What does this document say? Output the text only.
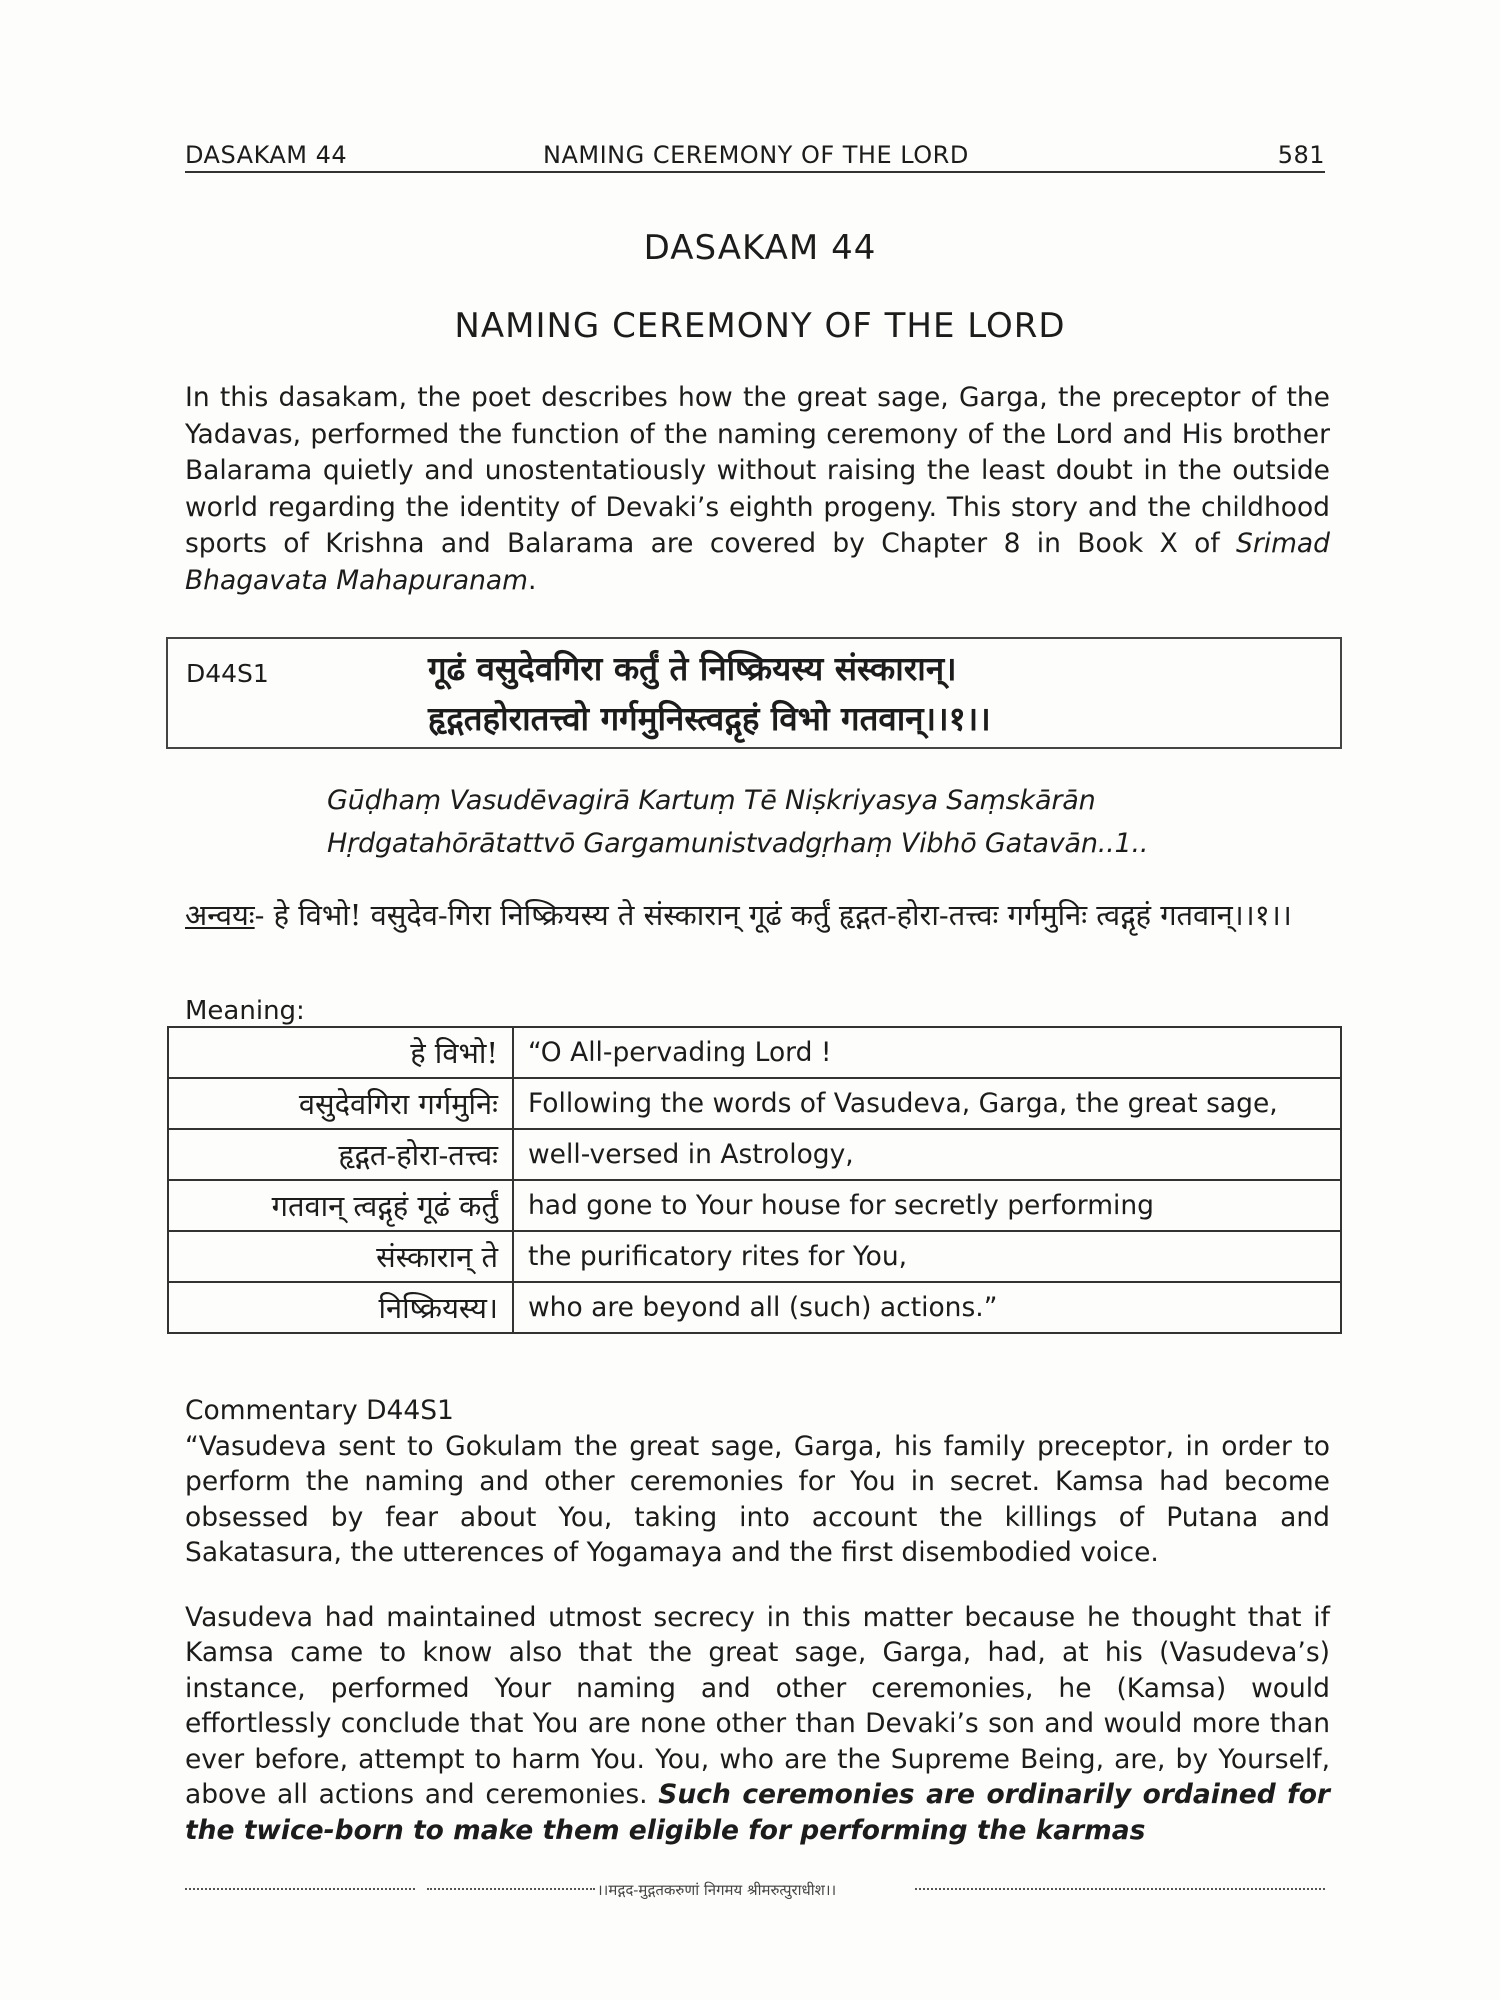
DASAKAM 44	NAMING CEREMONY OF THE LORD	581
DASAKAM 44
NAMING CEREMONY OF THE LORD

In this dasakam, the poet describes how the great sage, Garga, the preceptor of the Yadavas, performed the function of the naming ceremony of the Lord and His brother Balarama quietly and unostentatiously without raising the least doubt in the outside world regarding the identity of Devaki’s eighth progeny. This story and the childhood sports of Krishna and Balarama are covered by Chapter 8 in Book X of Srimad Bhagavata Mahapuranam.

D44S1	गूढं वसुदेवगिरा कर्तुं ते निष्क्रियस्य संस्कारान्।
हृद्गतहोरातत्त्वो गर्गमुनिस्त्वद्गृहं विभो गतवान्।।१।।
Gūḍhaṃ Vasudēvagirā Kartuṃ Tē Niṣkriyasya Saṃskārān
Hṛdgatahōrātattvō Gargamunistvadgṛhaṃ Vibhō Gatavān..1..

अन्वयः- हे विभो! वसुदेव-गिरा निष्क्रियस्य ते संस्कारान् गूढं कर्तुं हृद्गत-होरा-तत्त्वः गर्गमुनिः त्वद्गृहं गतवान्।।१।।

Meaning:
हे विभो!	“O All-pervading Lord !
वसुदेवगिरा गर्गमुनिः	Following the words of Vasudeva, Garga, the great sage,
हृद्गत-होरा-तत्त्वः	well-versed in Astrology,
गतवान् त्वद्गृहं गूढं कर्तुं	had gone to Your house for secretly performing
संस्कारान् ते	the purificatory rites for You,
निष्क्रियस्य।	who are beyond all (such) actions.”
Commentary D44S1

“Vasudeva sent to Gokulam the great sage, Garga, his family preceptor, in order to perform the naming and other ceremonies for You in secret. Kamsa had become obsessed by fear about You, taking into account the killings of Putana and Sakatasura, the utterences of Yogamaya and the first disembodied voice.

Vasudeva had maintained utmost secrecy in this matter because he thought that if Kamsa came to know also that the great sage, Garga, had, at his (Vasudeva’s) instance, performed Your naming and other ceremonies, he (Kamsa) would effortlessly conclude that You are none other than Devaki’s son and would more than ever before, attempt to harm You. You, who are the Supreme Being, are, by Yourself, above all actions and ceremonies. Such ceremonies are ordinarily ordained for the twice-born to make them eligible for performing the karmas

।।मद्गद-मुद्गतकरुणां निगमय श्रीमरुत्पुराधीश।।
